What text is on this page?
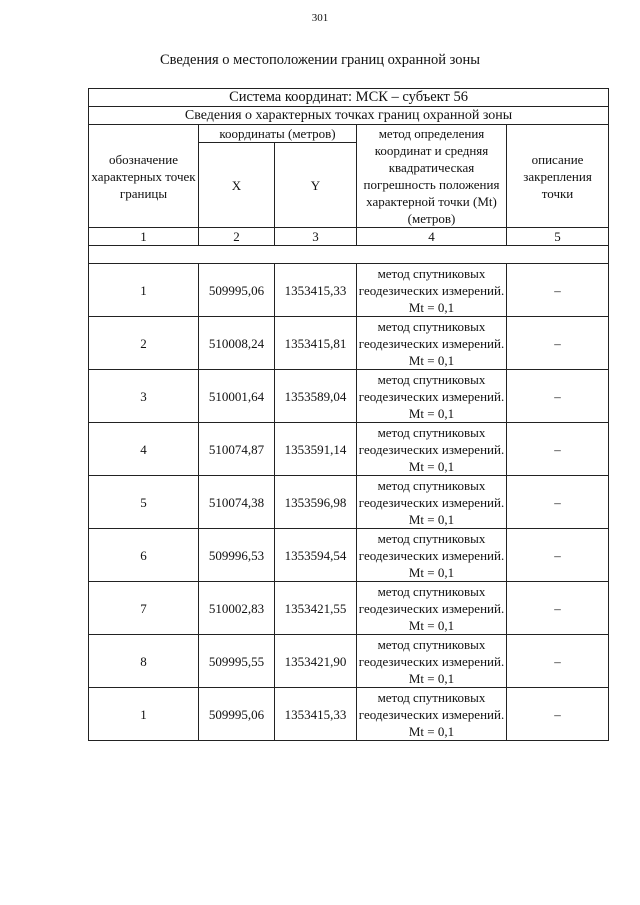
301
Сведения о местоположении границ охранной зоны
Система координат: МСК – субъект 56				
Сведения о характерных точках границ охранной зоны				
обозначение характерных точек границы	координаты (метров)		метод определения координат и средняя квадратическая погрешность положения характерной точки (Mt) (метров)	описание закрепления точки
	X	Y		
1	2	3	4	5

1	509995,06	1353415,33	метод спутниковых геодезических измерений. Mt = 0,1	–
2	510008,24	1353415,81	метод спутниковых геодезических измерений. Mt = 0,1	–
3	510001,64	1353589,04	метод спутниковых геодезических измерений. Mt = 0,1	–
4	510074,87	1353591,14	метод спутниковых геодезических измерений. Mt = 0,1	–
5	510074,38	1353596,98	метод спутниковых геодезических измерений. Mt = 0,1	–
6	509996,53	1353594,54	метод спутниковых геодезических измерений. Mt = 0,1	–
7	510002,83	1353421,55	метод спутниковых геодезических измерений. Mt = 0,1	–
8	509995,55	1353421,90	метод спутниковых геодезических измерений. Mt = 0,1	–
1	509995,06	1353415,33	метод спутниковых геодезических измерений. Mt = 0,1	–
